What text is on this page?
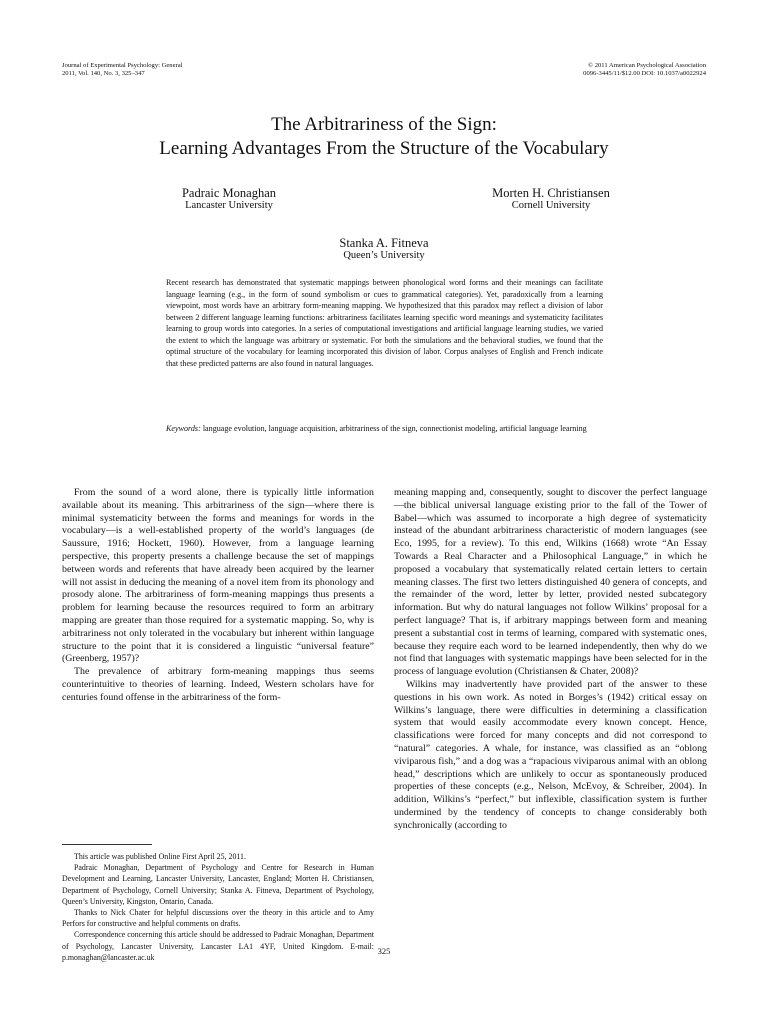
Journal of Experimental Psychology: General
2011, Vol. 140, No. 3, 325–347
© 2011 American Psychological Association
0096-3445/11/$12.00 DOI: 10.1037/a0022924
The Arbitrariness of the Sign:
Learning Advantages From the Structure of the Vocabulary
Padraic Monaghan
Lancaster University
Morten H. Christiansen
Cornell University
Stanka A. Fitneva
Queen’s University
Recent research has demonstrated that systematic mappings between phonological word forms and their meanings can facilitate language learning (e.g., in the form of sound symbolism or cues to grammatical categories). Yet, paradoxically from a learning viewpoint, most words have an arbitrary form-meaning mapping. We hypothesized that this paradox may reflect a division of labor between 2 different language learning functions: arbitrariness facilitates learning specific word meanings and systematicity facilitates learning to group words into categories. In a series of computational investigations and artificial language learning studies, we varied the extent to which the language was arbitrary or systematic. For both the simulations and the behavioral studies, we found that the optimal structure of the vocabulary for learning incorporated this division of labor. Corpus analyses of English and French indicate that these predicted patterns are also found in natural languages.
Keywords: language evolution, language acquisition, arbitrariness of the sign, connectionist modeling, artificial language learning

From the sound of a word alone, there is typically little information available about its meaning. This arbitrariness of the sign—where there is minimal systematicity between the forms and meanings for words in the vocabulary—is a well-established property of the world’s languages (de Saussure, 1916; Hockett, 1960). However, from a language learning perspective, this property presents a challenge because the set of mappings between words and referents that have already been acquired by the learner will not assist in deducing the meaning of a novel item from its phonology and prosody alone. The arbitrariness of form-meaning mappings thus presents a problem for learning because the resources required to form an arbitrary mapping are greater than those required for a systematic mapping. So, why is arbitrariness not only tolerated in the vocabulary but inherent within language structure to the point that it is considered a linguistic “universal feature” (Greenberg, 1957)?

The prevalence of arbitrary form-meaning mappings thus seems counterintuitive to theories of learning. Indeed, Western scholars have for centuries found offense in the arbitrariness of the form-

meaning mapping and, consequently, sought to discover the perfect language—the biblical universal language existing prior to the fall of the Tower of Babel—which was assumed to incorporate a high degree of systematicity instead of the abundant arbitrariness characteristic of modern languages (see Eco, 1995, for a review). To this end, Wilkins (1668) wrote “An Essay Towards a Real Character and a Philosophical Language,” in which he proposed a vocabulary that systematically related certain letters to certain meaning classes. The first two letters distinguished 40 genera of concepts, and the remainder of the word, letter by letter, provided nested subcategory information. But why do natural languages not follow Wilkins’ proposal for a perfect language? That is, if arbitrary mappings between form and meaning present a substantial cost in terms of learning, compared with systematic ones, because they require each word to be learned independently, then why do we not find that languages with systematic mappings have been selected for in the process of language evolution (Christiansen & Chater, 2008)?

Wilkins may inadvertently have provided part of the answer to these questions in his own work. As noted in Borges’s (1942) critical essay on Wilkins’s language, there were difficulties in determining a classification system that would easily accommodate every known concept. Hence, classifications were forced for many concepts and did not correspond to “natural” categories. A whale, for instance, was classified as an “oblong viviparous fish,” and a dog was a “rapacious viviparous animal with an oblong head,” descriptions which are unlikely to occur as spontaneously produced properties of these concepts (e.g., Nelson, McEvoy, & Schreiber, 2004). In addition, Wilkins’s “perfect,” but inflexible, classification system is further undermined by the tendency of concepts to change considerably both synchronically (according to

This article was published Online First April 25, 2011.

Padraic Monaghan, Department of Psychology and Centre for Research in Human Development and Learning, Lancaster University, Lancaster, England; Morten H. Christiansen, Department of Psychology, Cornell University; Stanka A. Fitneva, Department of Psychology, Queen’s University, Kingston, Ontario, Canada.

Thanks to Nick Chater for helpful discussions over the theory in this article and to Amy Perfors for constructive and helpful comments on drafts.

Correspondence concerning this article should be addressed to Padraic Monaghan, Department of Psychology, Lancaster University, Lancaster LA1 4YF, United Kingdom. E-mail: p.monaghan@lancaster.ac.uk

325
